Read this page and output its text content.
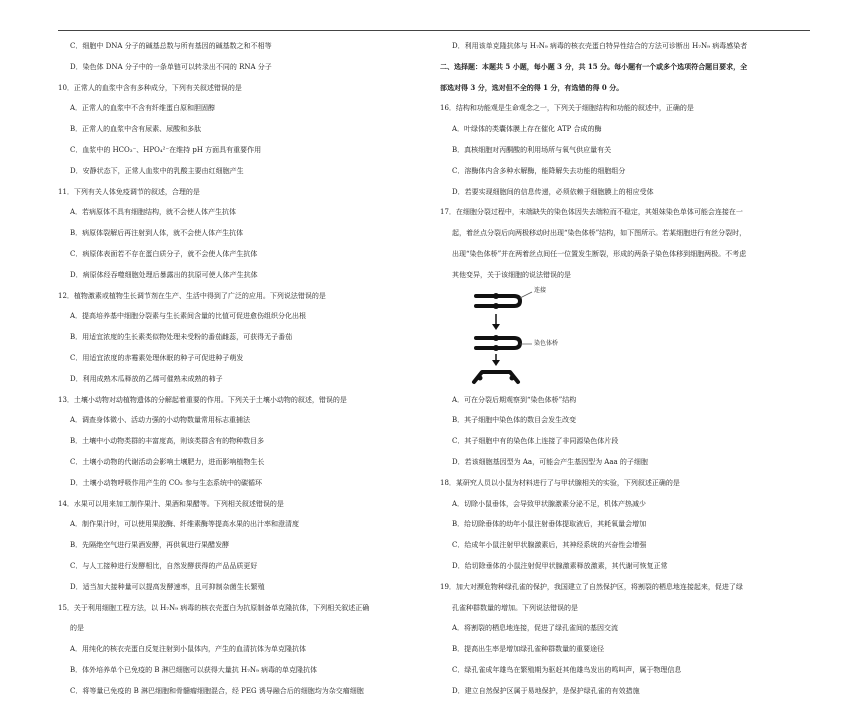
C．细胞中 DNA 分子的碱基总数与所有基因的碱基数之和不相等
D．染色体 DNA 分子中的一条单链可以转录出不同的 RNA 分子
10．正常人的血浆中含有多种成分，下列有关叙述错误的是
A．正常人的血浆中不含有纤维蛋白原和胆固醇
B．正常人的血浆中含有尿素、尿酸和多肽
C．血浆中的 HCO₃⁻、HPO₄²⁻在维持 pH 方面具有重要作用
D．安静状态下，正常人血浆中的乳酸主要由红细胞产生
11．下列有关人体免疫调节的叙述，合理的是
A．若病原体不具有细胞结构，就不会使人体产生抗体
B．病原体裂解后再注射到人体，就不会使人体产生抗体
C．病原体表面若不存在蛋白质分子，就不会使人体产生抗体
D．病原体经吞噬细胞处理后暴露出的抗原可使人体产生抗体
12．植物激素或植物生长调节剂在生产、生活中得到了广泛的应用。下列说法错误的是
A．提高培养基中细胞分裂素与生长素间含量的比值可促进愈伤组织分化出根
B．用适宜浓度的生长素类似物处理未受粉的番茄雌蕊，可获得无子番茄
C．用适宜浓度的赤霉素处理休眠的种子可促进种子萌发
D．利用成熟木瓜释放的乙烯可催熟未成熟的柿子
13．土壤小动物对动植物遗体的分解起着重要的作用。下列关于土壤小动物的叙述，错误的是
A．调查身体微小、活动力强的小动物数量常用标志重捕法
B．土壤中小动物类群的丰富度高，则该类群含有的物种数目多
C．土壤小动物的代谢活动会影响土壤肥力，进而影响植物生长
D．土壤小动物呼吸作用产生的 CO₂ 参与生态系统中的碳循环
14．水果可以用来加工制作果汁、果酒和果醋等。下列相关叙述错误的是
A．制作果汁时，可以使用果胶酶、纤维素酶等提高水果的出汁率和澄清度
B．先隔绝空气进行果酒发酵，再供氧进行果醋发酵
C．与人工接种进行发酵相比，自然发酵获得的产品品质更好
D．适当加大接种量可以提高发酵速率，且可抑制杂菌生长繁殖
15．关于利用细胞工程方法，以 H₇N₉ 病毒的核衣壳蛋白为抗原制备单克隆抗体，下列相关叙述正确
的是
A．用纯化的核衣壳蛋白反复注射到小鼠体内，产生的血清抗体为单克隆抗体
B．体外培养单个已免疫的 B 淋巴细胞可以获得大量抗 H₇N₉ 病毒的单克隆抗体
C．将等量已免疫的 B 淋巴细胞和骨髓瘤细胞混合，经 PEG 诱导融合后的细胞均为杂交瘤细胞
D．利用该单克隆抗体与 H₇N₉ 病毒的核衣壳蛋白特异性结合的方法可诊断出 H₇N₉ 病毒感染者
二、选择题：本题共 5 小题，每小题 3 分，共 15 分。每小题有一个或多个选项符合题目要求，全
部选对得 3 分，选对但不全的得 1 分，有选错的得 0 分。
16．结构和功能观是生命观念之一，下列关于细胞结构和功能的叙述中，正确的是
A．叶绿体的类囊体膜上存在催化 ATP 合成的酶
B．真核细胞对丙酮酸的利用场所与氧气供应量有关
C．溶酶体内含多种水解酶，能降解失去功能的细胞组分
D．若要实现细胞间的信息传递，必须依赖于细胞膜上的相应受体
17．在细胞分裂过程中，末端缺失的染色体因失去端粒而不稳定，其姐妹染色单体可能会连接在一
起，着丝点分裂后向两极移动时出现“染色体桥”结构，如下图所示。若某细胞进行有丝分裂时，
出现“染色体桥”并在两着丝点间任一位置发生断裂，形成的两条子染色体移到细胞两极。不考虑
其他变异，关于该细胞的说法错误的是
连接
染色体桥
A．可在分裂后期观察到“染色体桥”结构
B．其子细胞中染色体的数目会发生改变
C．其子细胞中有的染色体上连接了非同源染色体片段
D．若该细胞基因型为 Aa，可能会产生基因型为 Aaa 的子细胞
18．某研究人员以小鼠为材料进行了与甲状腺相关的实验，下列叙述正确的是
A．切除小鼠垂体，会导致甲状腺激素分泌不足，机体产热减少
B．给切除垂体的幼年小鼠注射垂体提取液后，其耗氧量会增加
C．给成年小鼠注射甲状腺激素后，其神经系统的兴奋性会增强
D．给切除垂体的小鼠注射促甲状腺激素释放激素，其代谢可恢复正常
19．加大对濒危物种绿孔雀的保护，我国建立了自然保护区，将割裂的栖息地连接起来，促进了绿
孔雀种群数量的增加。下列说法错误的是
A．将割裂的栖息地连接，促进了绿孔雀间的基因交流
B．提高出生率是增加绿孔雀种群数量的重要途径
C．绿孔雀成年雄鸟在繁殖期为驱赶其他雄鸟发出的鸣叫声，属于物理信息
D．建立自然保护区属于易地保护，是保护绿孔雀的有效措施
